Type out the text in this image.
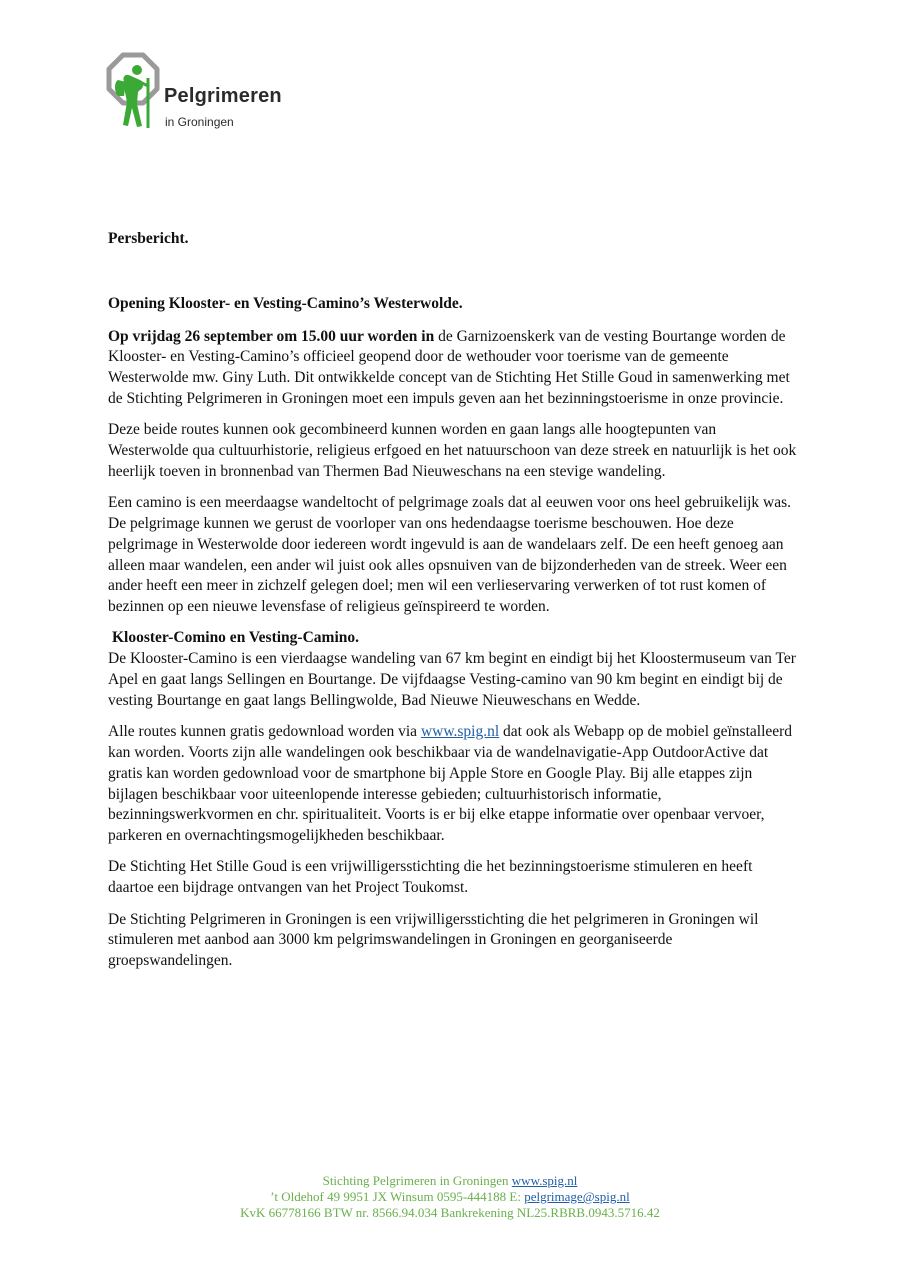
Pelgrimeren
in Groningen

Persbericht.

Opening Klooster- en Vesting-Camino’s Westerwolde.

Op vrijdag 26 september om 15.00 uur worden in de Garnizoenskerk van de vesting Bourtange worden de Klooster- en Vesting-Camino’s officieel geopend door de wethouder voor toerisme van de gemeente Westerwolde mw. Giny Luth. Dit ontwikkelde concept van de Stichting Het Stille Goud in samenwerking met de Stichting Pelgrimeren in Groningen moet een impuls geven aan het bezinningstoerisme in onze provincie.

Deze beide routes kunnen ook gecombineerd kunnen worden en gaan langs alle hoogtepunten van Westerwolde qua cultuurhistorie, religieus erfgoed en het natuurschoon van deze streek en natuurlijk is het ook heerlijk toeven in bronnenbad van Thermen Bad Nieuweschans na een stevige wandeling.

Een camino is een meerdaagse wandeltocht of pelgrimage zoals dat al eeuwen voor ons heel gebruikelijk was. De pelgrimage kunnen we gerust de voorloper van ons hedendaagse toerisme beschouwen. Hoe deze pelgrimage in Westerwolde door iedereen wordt ingevuld is aan de wandelaars zelf. De een heeft genoeg aan alleen maar wandelen, een ander wil juist ook alles opsnuiven van de bijzonderheden van de streek. Weer een ander heeft een meer in zichzelf gelegen doel; men wil een verlieservaring verwerken of tot rust komen of bezinnen op een nieuwe levensfase of religieus geïnspireerd te worden.

Klooster-Comino en Vesting-Camino.
De Klooster-Camino is een vierdaagse wandeling van 67 km begint en eindigt bij het Kloostermuseum van Ter Apel en gaat langs Sellingen en Bourtange. De vijfdaagse Vesting-camino van 90 km begint en eindigt bij de vesting Bourtange en gaat langs Bellingwolde, Bad Nieuwe Nieuweschans en Wedde.

Alle routes kunnen gratis gedownload worden via www.spig.nl dat ook als Webapp op de mobiel geïnstalleerd kan worden. Voorts zijn alle wandelingen ook beschikbaar via de wandelnavigatie-App OutdoorActive dat gratis kan worden gedownload voor de smartphone bij Apple Store en Google Play. Bij alle etappes zijn bijlagen beschikbaar voor uiteenlopende interesse gebieden; cultuurhistorisch informatie, bezinningswerkvormen en chr. spiritualiteit. Voorts is er bij elke etappe informatie over openbaar vervoer, parkeren en overnachtingsmogelijkheden beschikbaar.

De Stichting Het Stille Goud is een vrijwilligersstichting die het bezinningstoerisme stimuleren en heeft daartoe een bijdrage ontvangen van het Project Toukomst.

De Stichting Pelgrimeren in Groningen is een vrijwilligersstichting die het pelgrimeren in Groningen wil stimuleren met aanbod aan 3000 km pelgrimswandelingen in Groningen en georganiseerde groepswandelingen.

Stichting Pelgrimeren in Groningen www.spig.nl
’t Oldehof 49 9951 JX Winsum 0595-444188 E: pelgrimage@spig.nl
KvK 66778166 BTW nr. 8566.94.034 Bankrekening NL25.RBRB.0943.5716.42
